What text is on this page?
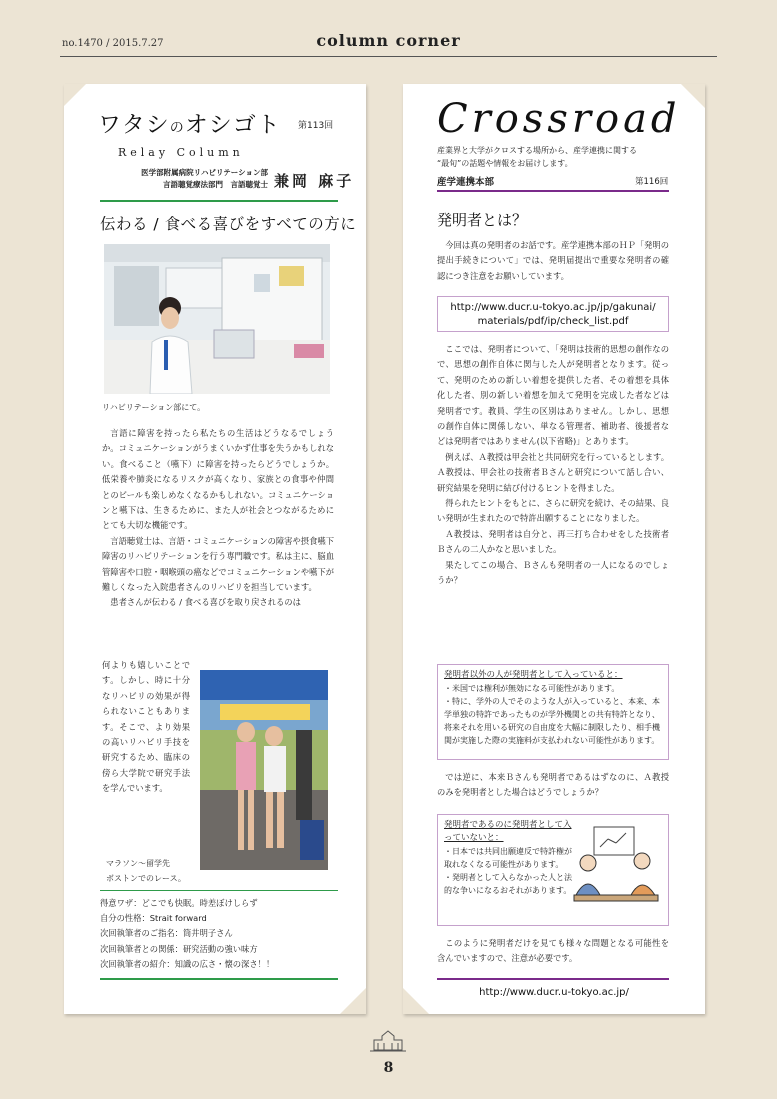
no.1470 / 2015.7.27	column corner
ワタシのオシゴト 第113回
Relay Column
医学部附属病院リハビリテーション部
言語聴覚療法部門　言語聴覚士 兼岡 麻子
伝わる / 食べる喜びをすべての方に
リハビリテーション部にて。

言語に障害を持ったら私たちの生活はどうなるでしょうか。コミュニケーションがうまくいかず仕事を失うかもしれない。食べること（嚥下）に障害を持ったらどうでしょうか。低栄養や肺炎になるリスクが高くなり、家族との食事や仲間とのビールも楽しめなくなるかもしれない。コミュニケーションと嚥下は、生きるために、また人が社会とつながるためにとても大切な機能です。

言語聴覚士は、言語・コミュニケーションの障害や摂食嚥下障害のリハビリテーションを行う専門職です。私は主に、脳血管障害や口腔・咽喉頭の癌などでコミュニケーションや嚥下が難しくなった入院患者さんのリハビリを担当しています。

患者さんが伝わる / 食べる喜びを取り戻されるのは

何よりも嬉しいことです。しかし、時に十分なリハビリの効果が得られないこともあります。そこで、より効果の高いリハビリ手技を研究するため、臨床の傍ら大学院で研究手法を学んでいます。
マラソン〜留学先
ボストンでのレース。
得意ワザ：どこでも快眠。時差ぼけしらず
自分の性格：Strait forward
次回執筆者のご指名：筒井明子さん
次回執筆者との関係：研究活動の強い味方
次回執筆者の紹介：知識の広さ・懐の深さ！！
Crossroad
産業界と大学がクロスする場所から、産学連携に関する
“最旬”の話題や情報をお届けします。
産学連携本部	第116回
発明者とは？

今回は真の発明者のお話です。産学連携本部のＨＰ「発明の提出手続きについて」では、発明届提出で重要な発明者の確認につき注意をお願いしています。

http://www.ducr.u-tokyo.ac.jp/jp/gakunai/
materials/pdf/ip/check_list.pdf

ここでは、発明者について、「発明は技術的思想の創作なので、思想の創作自体に関与した人が発明者となります。従って、発明のための新しい着想を提供した者、その着想を具体化した者、別の新しい着想を加えて発明を完成した者などは発明者です。教員、学生の区別はありません。しかし、思想の創作自体に関係しない、単なる管理者、補助者、後援者などは発明者ではありません(以下省略)」とあります。

例えば、Ａ教授は甲会社と共同研究を行っているとします。Ａ教授は、甲会社の技術者Ｂさんと研究について話し合い、研究結果を発明に結び付けるヒントを得ました。

得られたヒントをもとに、さらに研究を続け、その結果、良い発明が生まれたので特許出願することになりました。

Ａ教授は、発明者は自分と、再三打ち合わせをした技術者Ｂさんの二人かなと思いました。

果たしてこの場合、Ｂさんも発明者の一人になるのでしょうか？

発明者以外の人が発明者として入っていると：
・米国では権利が無効になる可能性があります。
・特に、学外の人でそのような人が入っていると、本来、本学単独の特許であったものが学外機関との共有特許となり、将来それを用いる研究の自由度を大幅に制限したり、相手機関が実施した際の実施料が支払われない可能性があります。

では逆に、本来Ｂさんも発明者であるはずなのに、Ａ教授のみを発明者とした場合はどうでしょうか？

発明者であるのに発明者として入っていないと：
・日本では共同出願違反で特許権が取れなくなる可能性があります。
・発明者として入らなかった人と法的な争いになるおそれがあります。

このように発明者だけを見ても様々な問題となる可能性を含んでいますので、注意が必要です。

http://www.ducr.u-tokyo.ac.jp/
8
